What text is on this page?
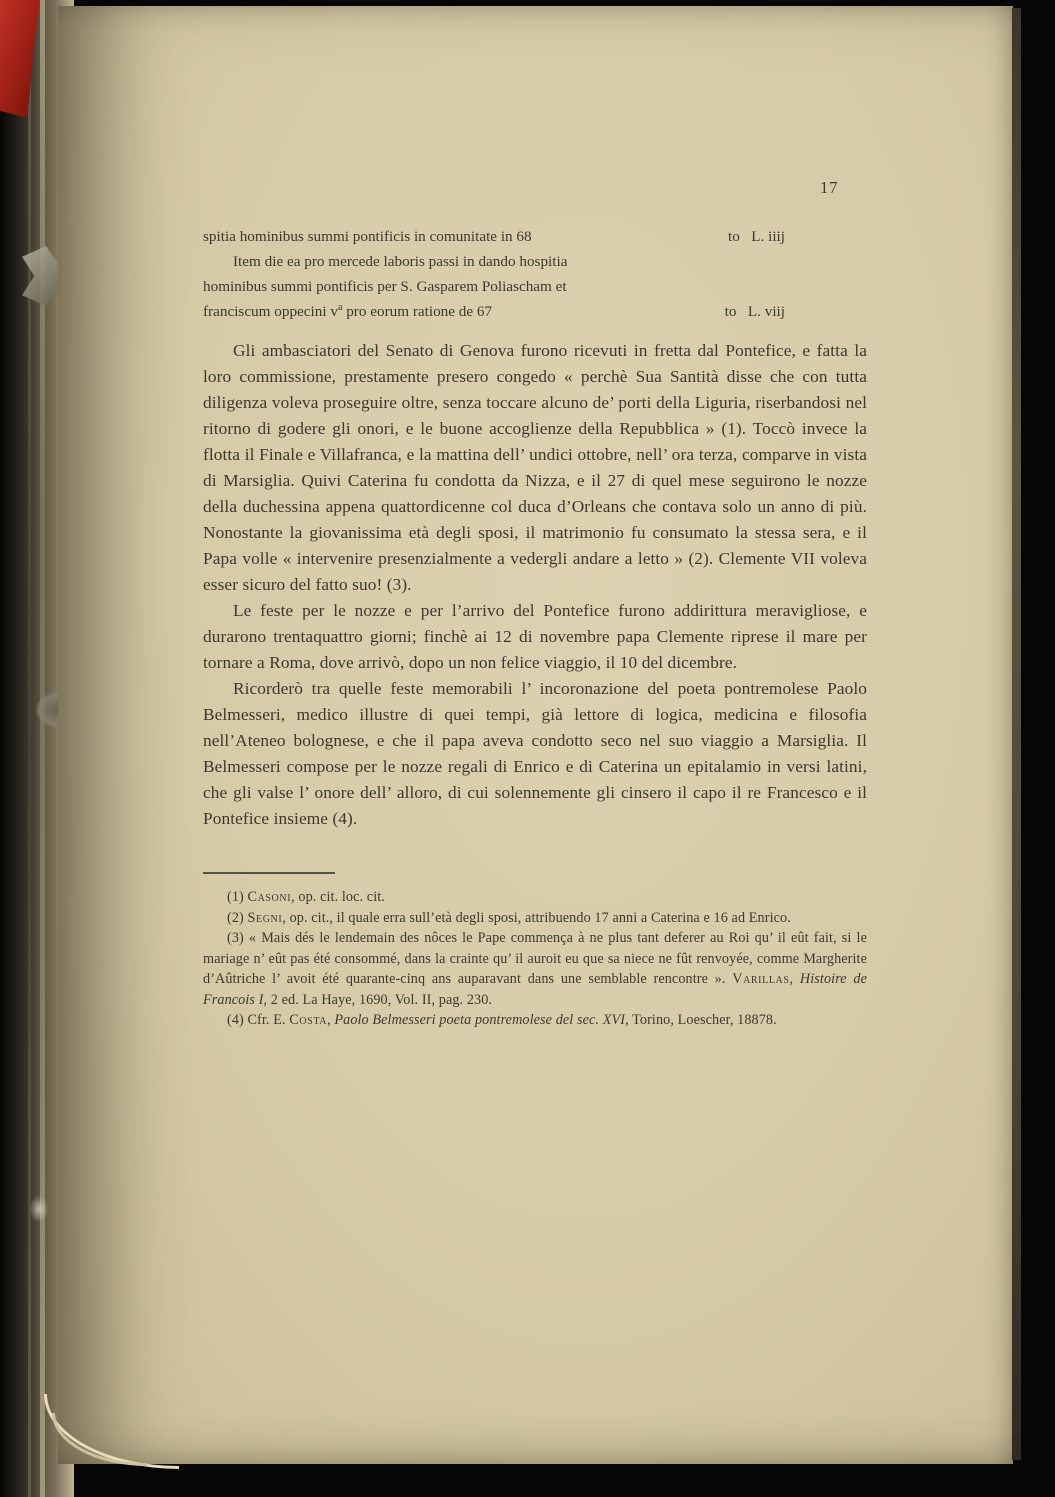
17
spitia hominibus summi pontificis in comunitate in 68	to   L. iiij
Item die ea pro mercede laboris passi in dando hospitia
hominibus summi pontificis per S. Gasparem Poliascham et
franciscum oppecini $v^a$ pro eorum ratione de 67	to   L. viij

Gli ambasciatori del Senato di Genova furono ricevuti in fretta dal Pontefice, e fatta la loro commissione, prestamente presero congedo « perchè Sua Santità disse che con tutta diligenza voleva proseguire oltre, senza toccare alcuno de’ porti della Liguria, riserbandosi nel ritorno di godere gli onori, e le buone accoglienze della Repubblica » (1). Toccò invece la flotta il Finale e Villafranca, e la mattina dell’ undici ottobre, nell’ ora terza, comparve in vista di Marsiglia. Quivi Caterina fu condotta da Nizza, e il 27 di quel mese seguirono le nozze della duchessina appena quattordicenne col duca d’Orleans che contava solo un anno di più. Nonostante la giovanissima età degli sposi, il matrimonio fu consumato la stessa sera, e il Papa volle « intervenire presenzialmente a vedergli andare a letto » (2). Clemente VII voleva esser sicuro del fatto suo! (3).

Le feste per le nozze e per l’arrivo del Pontefice furono addirittura meravigliose, e durarono trentaquattro giorni; finchè ai 12 di novembre papa Clemente riprese il mare per tornare a Roma, dove arrivò, dopo un non felice viaggio, il 10 del dicembre.

Ricorderò tra quelle feste memorabili l’ incoronazione del poeta pontremolese Paolo Belmesseri, medico illustre di quei tempi, già lettore di logica, medicina e filosofia nell’Ateneo bolognese, e che il papa aveva condotto seco nel suo viaggio a Marsiglia. Il Belmesseri compose per le nozze regali di Enrico e di Caterina un epitalamio in versi latini, che gli valse l’ onore dell’ alloro, di cui solennemente gli cinsero il capo il re Francesco e il Pontefice insieme (4).

(1) Casoni, op. cit. loc. cit.

(2) Segni, op. cit., il quale erra sull’età degli sposi, attribuendo 17 anni a Caterina e 16 ad Enrico.

(3) « Mais dés le lendemain des nôces le Pape commença à ne plus tant deferer au Roi qu’ il eût fait, si le mariage n’ eût pas été consommé, dans la crainte qu’ il auroit eu que sa niece ne fût renvoyée, comme Margherite d’Aûtriche l’ avoit été quarante-cinq ans auparavant dans une semblable rencontre ». Varillas, Histoire de Francois I, 2 ed. La Haye, 1690, Vol. II, pag. 230.

(4) Cfr. E. Costa, Paolo Belmesseri poeta pontremolese del sec. XVI, Torino, Loescher, 18878.
